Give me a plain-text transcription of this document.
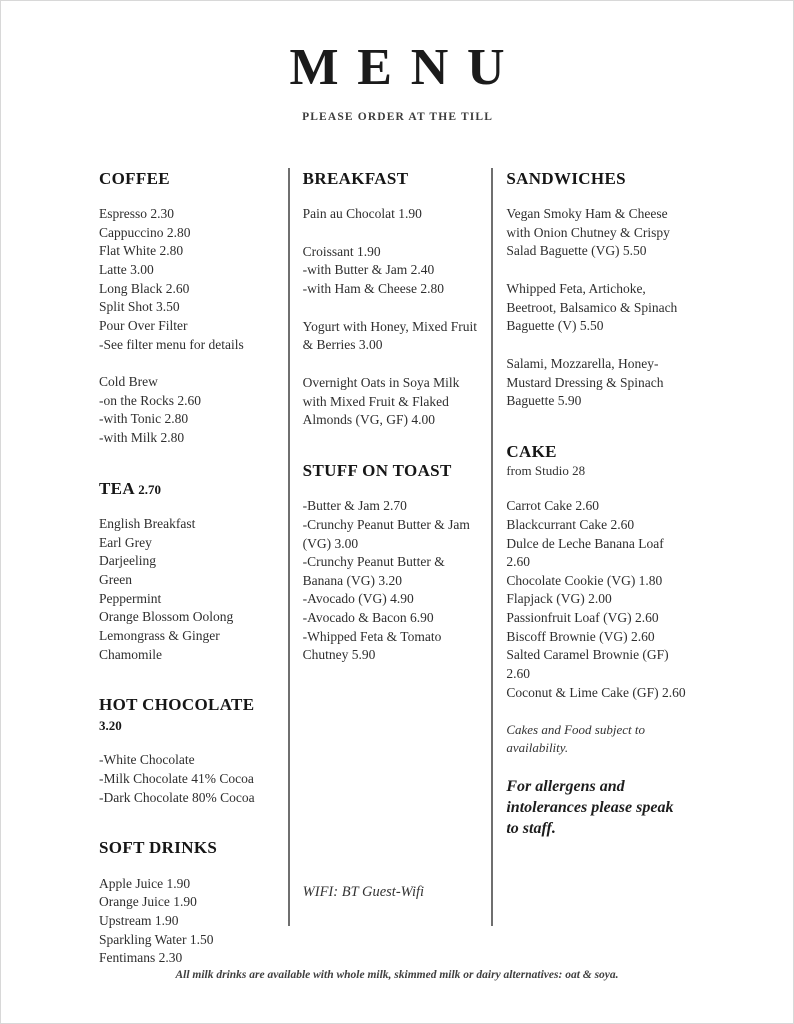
MENU
PLEASE ORDER AT THE TILL
COFFEE

Espresso 2.30
Cappuccino 2.80
Flat White 2.80
Latte 3.00
Long Black 2.60
Split Shot 3.50
Pour Over Filter
-See filter menu for details

Cold Brew
-on the Rocks 2.60
-with Tonic 2.80
-with Milk 2.80

TEA 2.70

English Breakfast
Earl Grey
Darjeeling
Green
Peppermint
Orange Blossom Oolong
Lemongrass & Ginger
Chamomile

HOT CHOCOLATE 3.20

-White Chocolate
-Milk Chocolate 41% Cocoa
-Dark Chocolate 80% Cocoa

SOFT DRINKS

Apple Juice 1.90
Orange Juice 1.90
Upstream 1.90
Sparkling Water 1.50
Fentimans 2.30

BREAKFAST

Pain au Chocolat 1.90

Croissant 1.90
-with Butter & Jam 2.40
-with Ham & Cheese 2.80

Yogurt with Honey, Mixed Fruit & Berries 3.00

Overnight Oats in Soya Milk with Mixed Fruit & Flaked Almonds (VG, GF) 4.00

STUFF ON TOAST

-Butter & Jam 2.70
-Crunchy Peanut Butter & Jam (VG) 3.00
-Crunchy Peanut Butter & Banana (VG) 3.20
-Avocado (VG) 4.90
-Avocado & Bacon 6.90
-Whipped Feta & Tomato Chutney 5.90

WIFI: BT Guest-Wifi

SANDWICHES

Vegan Smoky Ham & Cheese with Onion Chutney & Crispy Salad Baguette (VG) 5.50

Whipped Feta, Artichoke, Beetroot, Balsamico & Spinach Baguette (V) 5.50

Salami, Mozzarella, Honey-Mustard Dressing & Spinach Baguette 5.90

CAKE
from Studio 28

Carrot Cake 2.60
Blackcurrant Cake 2.60
Dulce de Leche Banana Loaf 2.60
Chocolate Cookie (VG) 1.80
Flapjack (VG) 2.00
Passionfruit Loaf (VG) 2.60
Biscoff Brownie (VG) 2.60
Salted Caramel Brownie (GF) 2.60
Coconut & Lime Cake (GF) 2.60

Cakes and Food subject to availability.

For allergens and intolerances please speak to staff.

All milk drinks are available with whole milk, skimmed milk or dairy alternatives: oat & soya.
